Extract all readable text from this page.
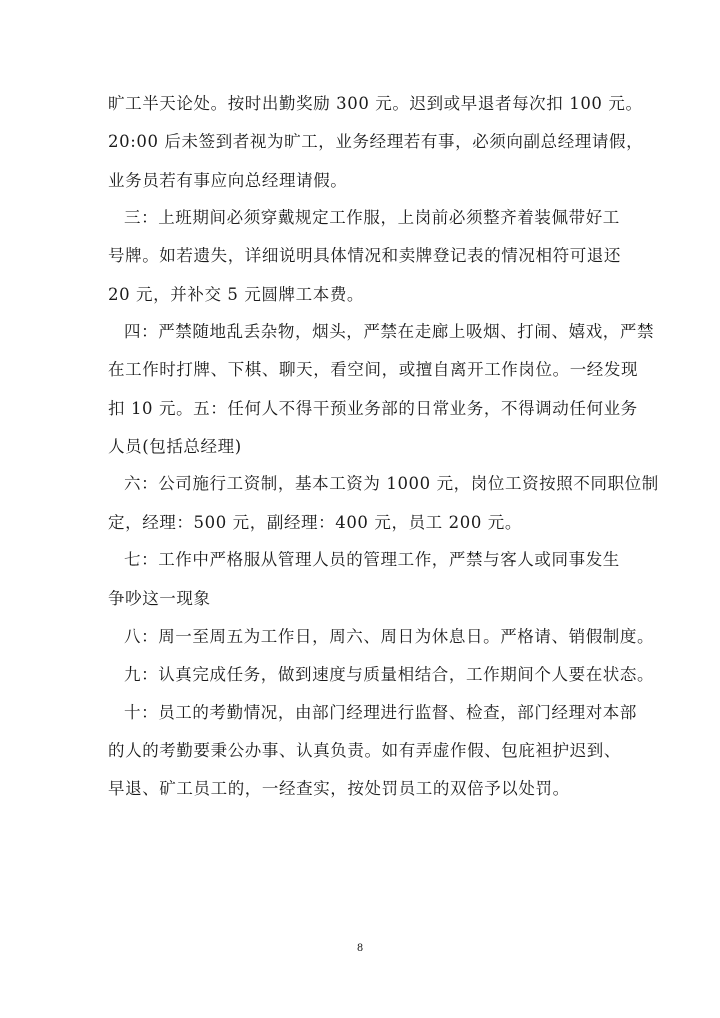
旷工半天论处。按时出勤奖励 300 元。迟到或早退者每次扣 100 元。
20:00 后未签到者视为旷工，业务经理若有事，必须向副总经理请假，
业务员若有事应向总经理请假。
三：上班期间必须穿戴规定工作服，上岗前必须整齐着装佩带好工
号牌。如若遗失，详细说明具体情况和卖牌登记表的情况相符可退还
20 元，并补交 5 元圆牌工本费。
四：严禁随地乱丢杂物，烟头，严禁在走廊上吸烟、打闹、嬉戏，严禁
在工作时打牌、下棋、聊天，看空间，或擅自离开工作岗位。一经发现
扣 10 元。五：任何人不得干预业务部的日常业务，不得调动任何业务
人员(包括总经理)
六：公司施行工资制，基本工资为 1000 元，岗位工资按照不同职位制
定，经理：500 元，副经理：400 元，员工 200 元。
七：工作中严格服从管理人员的管理工作，严禁与客人或同事发生
争吵这一现象
八：周一至周五为工作日，周六、周日为休息日。严格请、销假制度。
九：认真完成任务，做到速度与质量相结合，工作期间个人要在状态。
十：员工的考勤情况，由部门经理进行监督、检查，部门经理对本部
的人的考勤要秉公办事、认真负责。如有弄虚作假、包庇袒护迟到、
早退、矿工员工的，一经查实，按处罚员工的双倍予以处罚。
8
